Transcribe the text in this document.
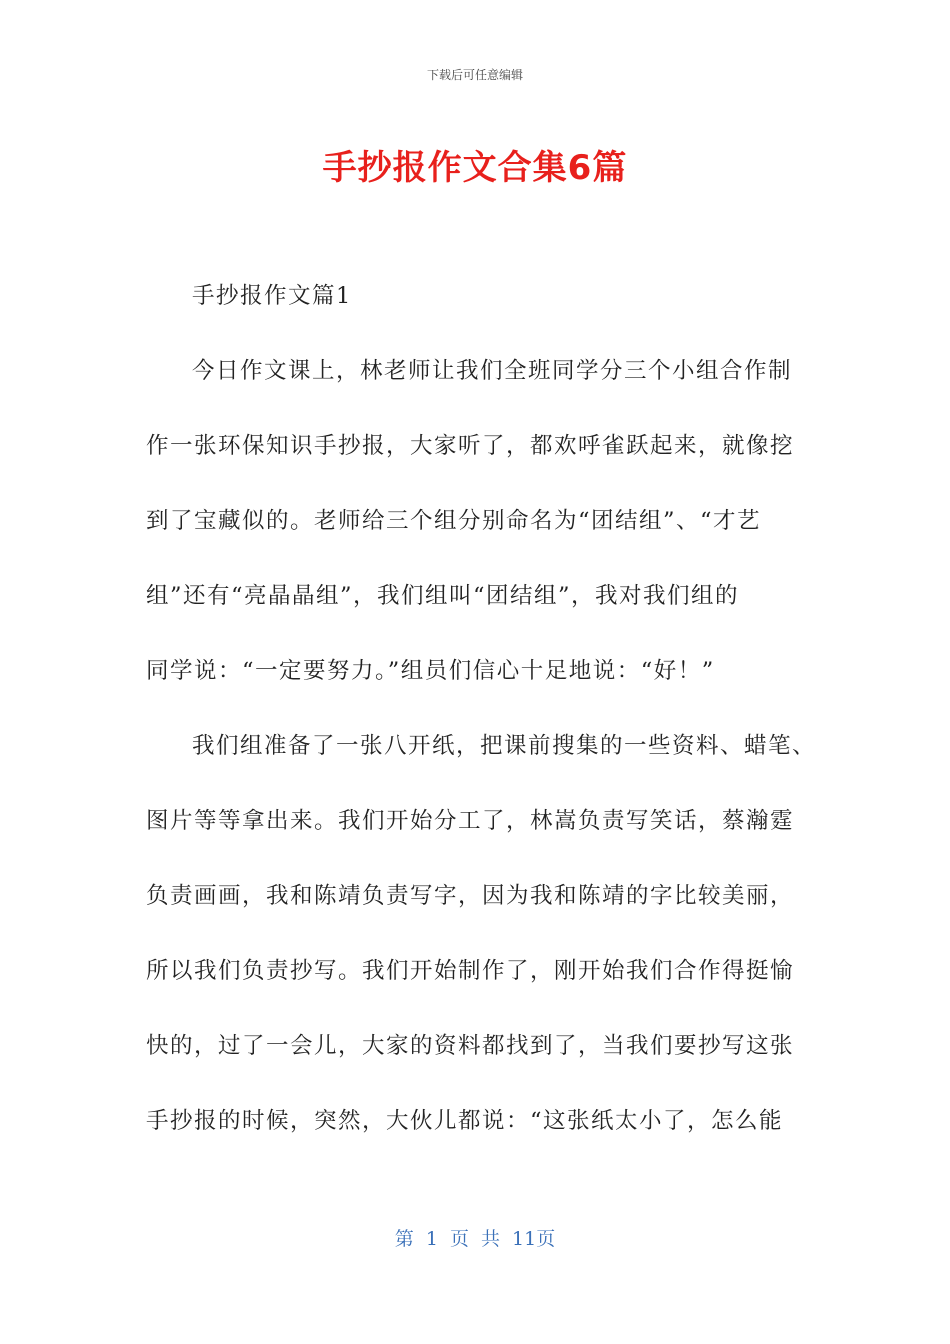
下载后可任意编辑
手抄报作文合集6篇
手抄报作文篇1
今日作文课上，林老师让我们全班同学分三个小组合作制
作一张环保知识手抄报，大家听了，都欢呼雀跃起来，就像挖
到了宝藏似的。老师给三个组分别命名为“团结组”、“才艺
组”还有“亮晶晶组”，我们组叫“团结组”，我对我们组的
同学说：“一定要努力。”组员们信心十足地说：“好！”
我们组准备了一张八开纸，把课前搜集的一些资料、蜡笔、
图片等等拿出来。我们开始分工了，林嵩负责写笑话，蔡瀚霆
负责画画，我和陈靖负责写字，因为我和陈靖的字比较美丽，
所以我们负责抄写。我们开始制作了，刚开始我们合作得挺愉
快的，过了一会儿，大家的资料都找到了，当我们要抄写这张
手抄报的时候，突然，大伙儿都说：“这张纸太小了，怎么能
第 1 页 共 11页
